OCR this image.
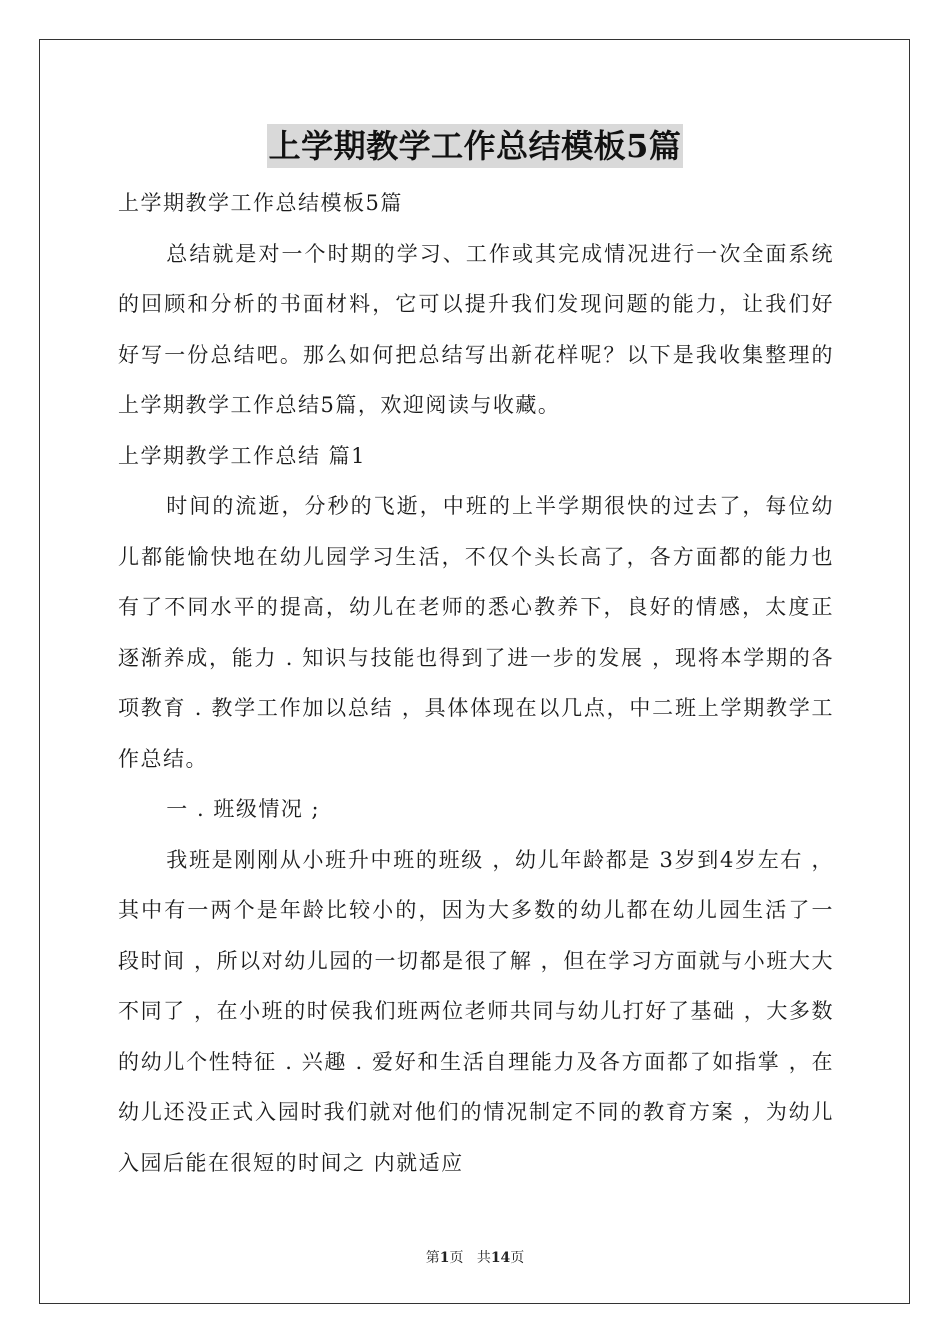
上学期教学工作总结模板5篇

上学期教学工作总结模板5篇

总结就是对一个时期的学习、工作或其完成情况进行一次全面系统的回顾和分析的书面材料，它可以提升我们发现问题的能力，让我们好好写一份总结吧。那么如何把总结写出新花样呢？以下是我收集整理的上学期教学工作总结5篇，欢迎阅读与收藏。

上学期教学工作总结 篇1

时间的流逝，分秒的飞逝，中班的上半学期很快的过去了，每位幼儿都能愉快地在幼儿园学习生活，不仅个头长高了，各方面都的能力也有了不同水平的提高，幼儿在老师的悉心教养下，良好的情感，太度正逐渐养成，能力 . 知识与技能也得到了进一步的发展 ，现将本学期的各项教育 . 教学工作加以总结 ，具体体现在以几点，中二班上学期教学工作总结。

一 . 班级情况 ;

我班是刚刚从小班升中班的班级 ，幼儿年龄都是 3岁到4岁左右 ，其中有一两个是年龄比较小的，因为大多数的幼儿都在幼儿园生活了一段时间 ，所以对幼儿园的一切都是很了解 ，但在学习方面就与小班大大不同了 ，在小班的时侯我们班两位老师共同与幼儿打好了基础 ，大多数的幼儿个性特征 . 兴趣 . 爱好和生活自理能力及各方面都了如指掌 ，在幼儿还没正式入园时我们就对他们的情况制定不同的教育方案 ，为幼儿入园后能在很短的时间之 内就适应

第1页 共14页
